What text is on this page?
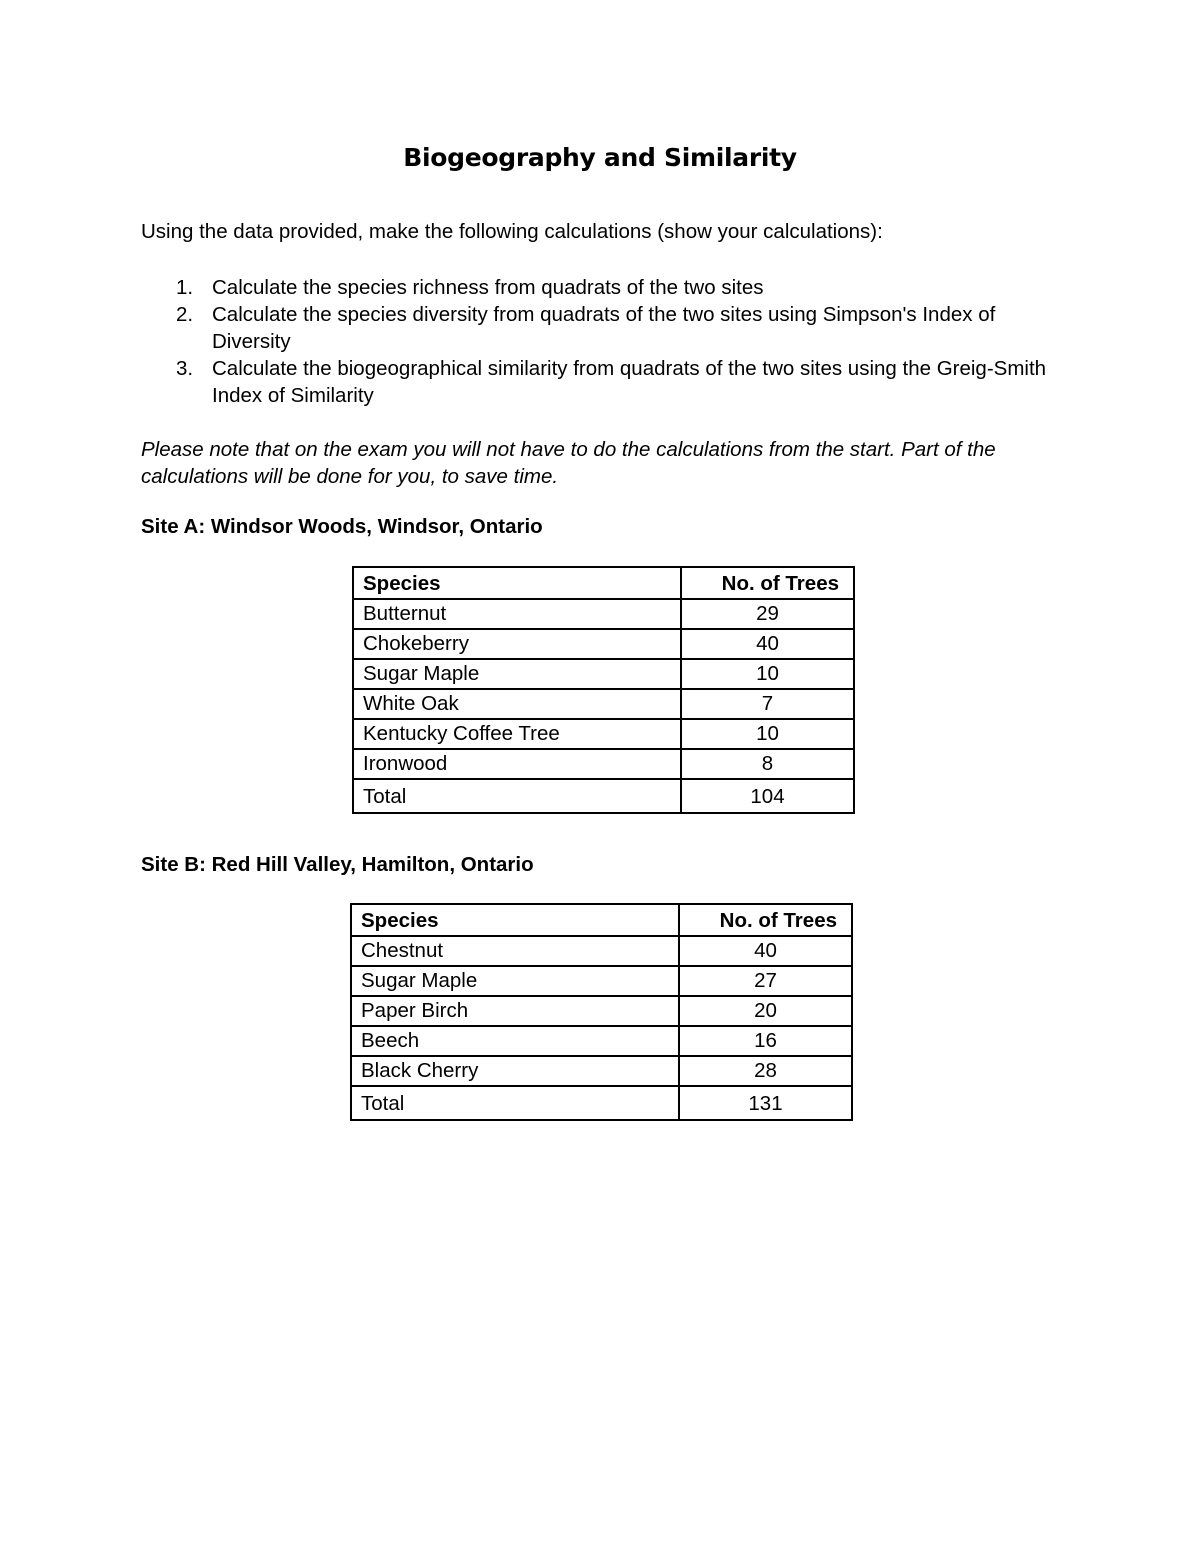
Biogeography and Similarity
Using the data provided, make the following calculations (show your calculations):
1. Calculate the species richness from quadrats of the two sites
2. Calculate the species diversity from quadrats of the two sites using Simpson's Index of Diversity
3. Calculate the biogeographical similarity from quadrats of the two sites using the Greig-Smith Index of Similarity
Please note that on the exam you will not have to do the calculations from the start. Part of the calculations will be done for you, to save time.
Site A: Windsor Woods, Windsor, Ontario
Species	No. of Trees
Butternut	29
Chokeberry	40
Sugar Maple	10
White Oak	7
Kentucky Coffee Tree	10
Ironwood	8
Total	104
Site B: Red Hill Valley, Hamilton, Ontario
Species	No. of Trees
Chestnut	40
Sugar Maple	27
Paper Birch	20
Beech	16
Black Cherry	28
Total	131
